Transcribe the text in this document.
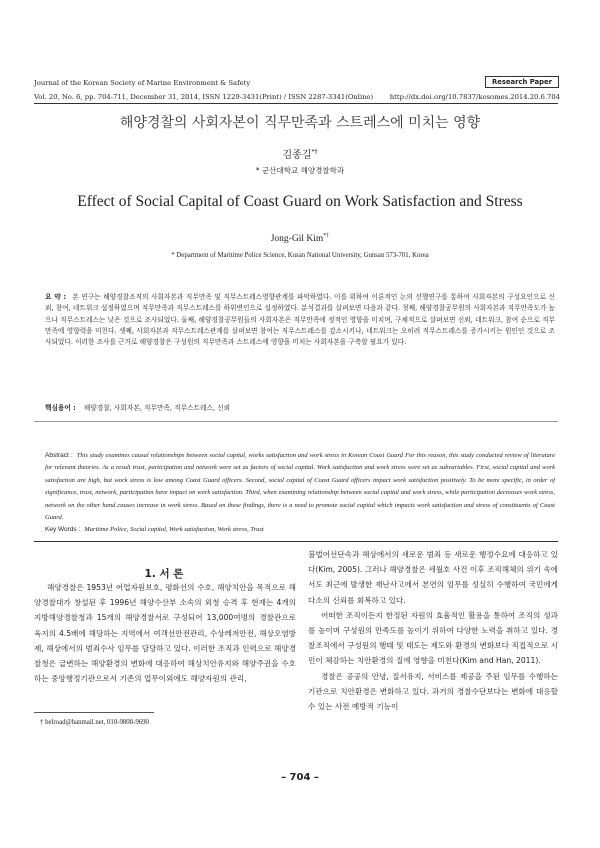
Journal of the Korean Society of Marine Environment & Safety	Research Paper
Vol. 20, No. 6, pp. 704-711, December 31, 2014, ISSN 1229-3431(Print) / ISSN 2287-3341(Online) http://dx.doi.org/10.7837/kosomes.2014.20.6.704
해양경찰의 사회자본이 직무만족과 스트레스에 미치는 영향
김종길*†
* 군산대학교 해양경찰학과
Effect of Social Capital of Coast Guard on Work Satisfaction and Stress
Jong-Gil Kim*†
* Department of Maritime Police Science, Kusan National University, Gunsan 573-701, Korea
요 약 : 본 연구는 해양경찰조직의 사회자본과 직무만족 및 직무스트레스영향관계를 파악하였다. 이를 위하여 이론적인 논의 선행연구를 통하여 사회자본의 구성요인으로 신뢰, 참여, 네트워크 설정하였으며 직무만족과 직무스트레스를 하위변인으로 설정하였다. 분석결과를 살펴보면 다음과 같다. 첫째, 해양경찰공무원의 사회자본과 직무만족도가 높으나 직무스트레스는 낮은 것으로 조사되었다. 둘째, 해양경찰공무원들의 사회자본은 직무만족에 정적인 영향을 미치며, 구체적으로 살펴보면 신뢰, 네트워크, 참여 순으로 직무만족에 영향력을 미친다. 셋째, 사회자본과 직무스트레스관계를 살펴보면 참여는 직무스트레스를 감소시키나, 네트워크는 오히려 직무스트레스를 증가시키는 원인인 것으로 조사되었다. 이러한 조사를 근거로 해양경찰은 구성원의 직무만족과 스트레스에 영향을 미치는 사회자본을 구축할 필요가 있다.
핵심용어 : 해양경찰, 사회자본, 직무만족, 직무스트레스, 신뢰
Abstract : This study examines causal relationships between social capital, works satisfaction and work stress in Korean Coast Guard For this reason, this study conducted review of literature for relevant theories. As a result trust, participation and network were set as factors of social capital. Work satisfaction and work stress were set as subvariables. First, social capital and work satisfaction are high, but work stress is low among Coast Guard officers. Second, social capital of Coast Guard officers impact work satisfaction positively. To be more specific, in order of significance, trust, network, participation have impact on work satisfaction. Third, when examining relationship between social capital and work stress, while participation decreases work stress, network on the other hand causes increase in work stress. Based on these findings, there is a need to promote social capital which impacts work satisfaction and stress of constituents of Coast Guard.
Key Words : Maritime Police, Social capital, Work satisfaction, Work stress, Trust
1. 서 론

해양경찰은 1953년 어업자원보호, 평화선의 수호, 해양치안을 목적으로 해양경찰대가 창설된 후 1996년 해양수산부 소속의 외청 승격 후 현재는 4개의 지방해양경찰청과 15개의 해양경찰서로 구성되어 13,000여명의 경찰관으로 육지의 4.5배에 해당하는 지역에서 여객선안전관리, 수상레저안전, 해상오염방제, 해상에서의 범죄수사 임무를 담당하고 있다. 이러한 조직과 인력으로 해양경찰청은 급변하는 해양환경의 변화에 대응하여 해상치안유지와 해양주권을 수호하는 중앙행정기관으로서 기존의 업무이외에도 해양자원의 관리,

불법어선단속과 해상에서의 새로운 범죄 등 새로운 행정수요에 대응하고 있다(Kim, 2005). 그러나 해양경찰은 세월호 사건 이후 조직해체의 위기 속에서도 최근에 발생한 재난사고에서 본연의 임무를 성실히 수행하여 국민에게 다소의 신뢰를 회복하고 있다.

어떠한 조직이든지 한정된 자원의 효율적인 활용을 통하여 조직의 성과를 높이며 구성원의 만족도를 높이기 위하여 다양한 노력을 취하고 있다. 경찰조직에서 구성원의 행태 및 태도는 제도와 환경의 변화보다 직접적으로 시민이 체감하는 치안환경의 질에 영향을 미친다(Kim and Han, 2011).

경찰은 공공의 안녕, 질서유지, 서비스를 제공을 주된 임무를 수행하는 기관으로 치안환경은 변화하고 있다. 과거의 경찰수단보다는 변화에 대응할 수 있는 사전 예방적 기능이

† belroad@hanmail.net, 010-9808-9690
– 704 –
